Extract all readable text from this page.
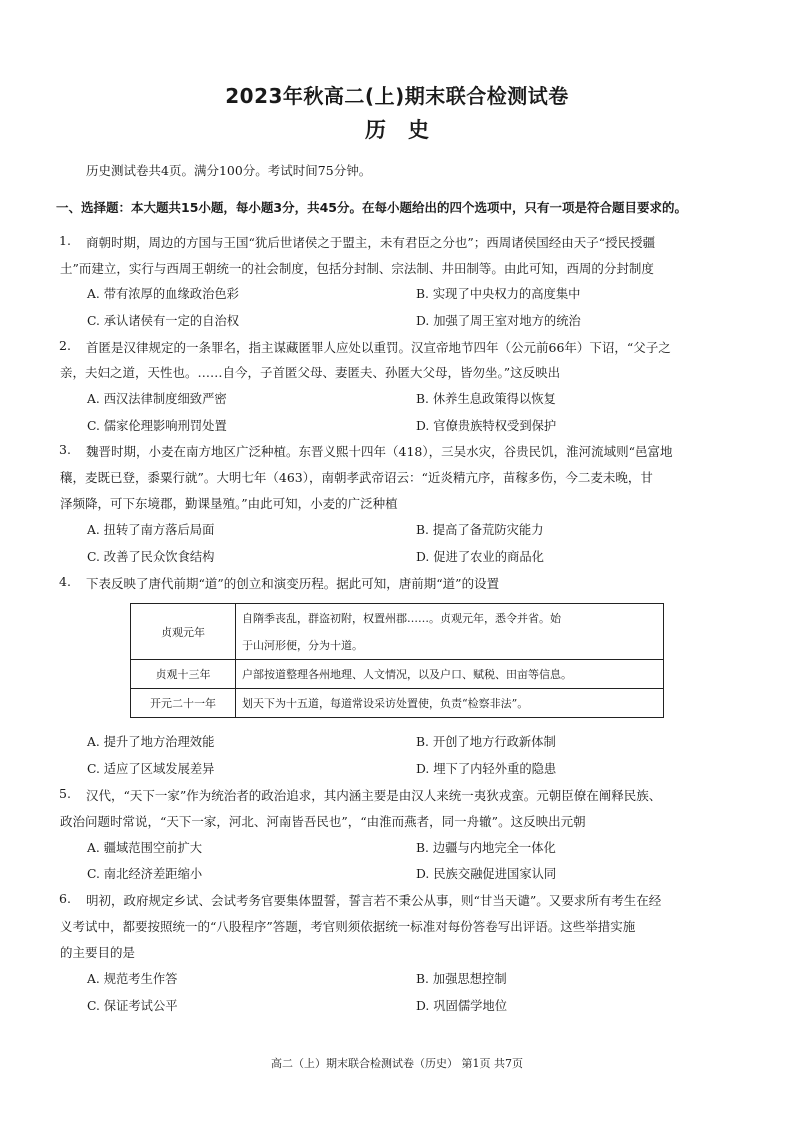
2023年秋高二(上)期末联合检测试卷
历史
历史测试卷共4页。满分100分。考试时间75分钟。
一、选择题：本大题共15小题，每小题3分，共45分。在每小题给出的四个选项中，只有一项是符合题目要求的。
1. 商朝时期，周边的方国与王国“犹后世诸侯之于盟主，未有君臣之分也”；西周诸侯国经由天子“授民授疆
土”而建立，实行与西周王朝统一的社会制度，包括分封制、宗法制、井田制等。由此可知，西周的分封制度
A. 带有浓厚的血缘政治色彩	B. 实现了中央权力的高度集中
C. 承认诸侯有一定的自治权	D. 加强了周王室对地方的统治
2. 首匿是汉律规定的一条罪名，指主谋藏匿罪人应处以重罚。汉宣帝地节四年（公元前66年）下诏，“父子之
亲，夫妇之道，天性也。……自今，子首匿父母、妻匿夫、孙匿大父母，皆勿坐。”这反映出
A. 西汉法律制度细致严密	B. 休养生息政策得以恢复
C. 儒家伦理影响刑罚处置	D. 官僚贵族特权受到保护
3. 魏晋时期，小麦在南方地区广泛种植。东晋义熙十四年（418），三吴水灾，谷贵民饥，淮河流域则“邑富地
穰，麦既已登，黍粟行就”。大明七年（463），南朝孝武帝诏云：“近炎精亢序，苗稼多伤，今二麦未晚，甘
泽频降，可下东境郡，勤课垦殖。”由此可知，小麦的广泛种植
A. 扭转了南方落后局面	B. 提高了备荒防灾能力
C. 改善了民众饮食结构	D. 促进了农业的商品化
4. 下表反映了唐代前期“道”的创立和演变历程。据此可知，唐前期“道”的设置
贞观元年	自隋季丧乱，群盗初附，权置州郡……。贞观元年，悉令并省。始
于山河形便，分为十道。

贞观十三年	户部按道整理各州地理、人文情况，以及户口、赋税、田亩等信息。
开元二十一年	划天下为十五道，每道常设采访处置使，负责“检察非法”。
A. 提升了地方治理效能	B. 开创了地方行政新体制
C. 适应了区域发展差异	D. 埋下了内轻外重的隐患
5. 汉代，“天下一家”作为统治者的政治追求，其内涵主要是由汉人来统一夷狄戎蛮。元朝臣僚在阐释民族、
政治问题时常说，“天下一家，河北、河南皆吾民也”，“由淮而燕者，同一舟辙”。这反映出元朝
A. 疆域范围空前扩大	B. 边疆与内地完全一体化
C. 南北经济差距缩小	D. 民族交融促进国家认同
6. 明初，政府规定乡试、会试考务官要集体盟誓，誓言若不秉公从事，则“甘当天谴”。又要求所有考生在经
义考试中，都要按照统一的“八股程序”答题，考官则须依据统一标准对每份答卷写出评语。这些举措实施
的主要目的是
A. 规范考生作答	B. 加强思想控制
C. 保证考试公平	D. 巩固儒学地位
高二（上）期末联合检测试卷（历史） 第1页 共7页
